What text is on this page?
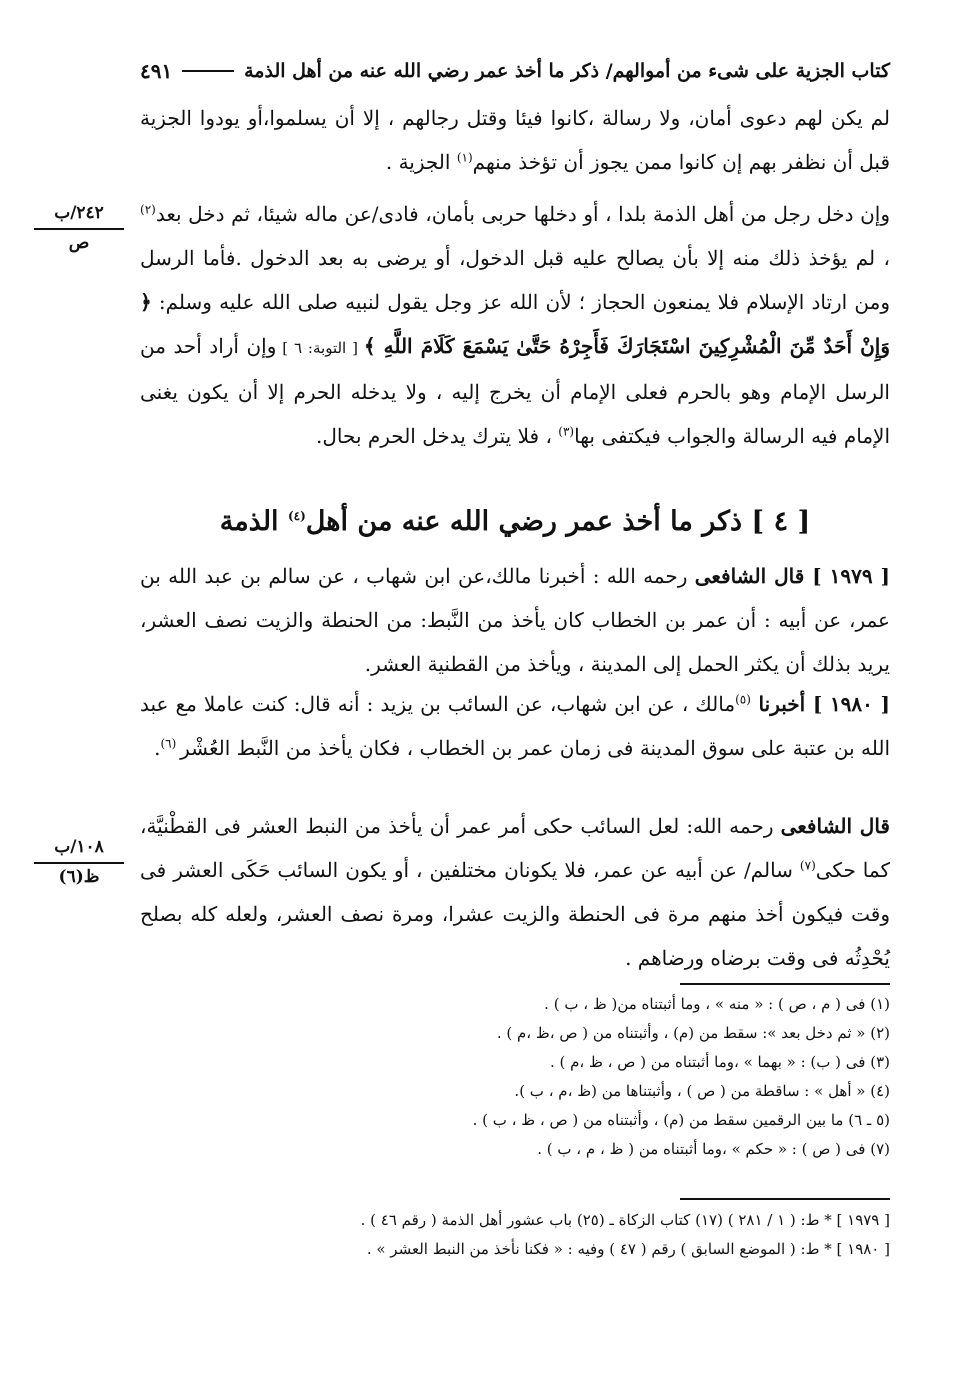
كتاب الجزية على شىء من أموالهم/ ذكر ما أخذ عمر رضي الله عنه من أهل الذمة
٤٩١
لم يكن لهم دعوى أمان، ولا رسالة ،كانوا فيئا وقتل رجالهم ، إلا أن يسلموا،أو يودوا الجزية قبل أن نظفر بهم إن كانوا ممن يجوز أن تؤخذ منهم$^{(١)}$ الجزية .
٢٤٢/ب
ص
وإن دخل رجل من أهل الذمة بلدا ، أو دخلها حربى بأمان، فادى/عن ماله شيئا، ثم دخل بعد$^{(٢)}$ ، لم يؤخذ ذلك منه إلا بأن يصالح عليه قبل الدخول، أو يرضى به بعد الدخول .فأما الرسل ومن ارتاد الإسلام فلا يمنعون الحجاز ؛ لأن الله عز وجل يقول لنبيه صلى الله عليه وسلم: ﴿ وَإِنْ أَحَدٌ مِّنَ الْمُشْرِكِينَ اسْتَجَارَكَ فَأَجِرْهُ حَتَّىٰ يَسْمَعَ كَلَامَ اللَّهِ ﴾ [ التوبة: ٦ ] وإن أراد أحد من الرسل الإمام وهو بالحرم فعلى الإمام أن يخرج إليه ، ولا يدخله الحرم إلا أن يكون يغنى الإمام فيه الرسالة والجواب فيكتفى بها$^{(٣)}$ ، فلا يترك يدخل الحرم بحال.
[ ٤ ] ذكر ما أخذ عمر رضي الله عنه من أهل$^{(٤)}$ الذمة
[ ١٩٧٩ ] قال الشافعى رحمه الله : أخبرنا مالك،عن ابن شهاب ، عن سالم بن عبد الله بن عمر، عن أبيه : أن عمر بن الخطاب كان يأخذ من النَّبط: من الحنطة والزيت نصف العشر، يريد بذلك أن يكثر الحمل إلى المدينة ، ويأخذ من القطنية العشر.
[ ١٩٨٠ ] أخبرنا $^{(٥)}$مالك ، عن ابن شهاب، عن السائب بن يزيد : أنه قال: كنت عاملا مع عبد الله بن عتبة على سوق المدينة فى زمان عمر بن الخطاب ، فكان يأخذ من النَّبط العُشْر $^{(٦)}$.
١٠٨/ب
ظ(٦)
قال الشافعى رحمه الله: لعل السائب حكى أمر عمر أن يأخذ من النبط العشر فى القطْنيَّة، كما حكى$^{(٧)}$ سالم/ عن أبيه عن عمر، فلا يكونان مختلفين ، أو يكون السائب حَكَى العشر فى وقت فيكون أخذ منهم مرة فى الحنطة والزيت عشرا، ومرة نصف العشر، ولعله كله بصلح يُحْدِثُه فى وقت برضاه ورضاهم .
(١) فى ( م ، ص ) : « منه » ، وما أثبتناه من( ظ ، ب ) .
(٢) « ثم دخل بعد »: سقط من (م) ، وأثبتناه من ( ص ،ظ ،م ) .
(٣) فى ( ب) : « بهما » ،وما أثبتناه من ( ص ، ظ ،م ) .
(٤) « أهل » : ساقطة من ( ص ) ، وأثبتناها من (ظ ،م ، ب ).
(٥ ـ ٦) ما بين الرقمين سقط من (م) ، وأثبتناه من ( ص ، ظ ، ب ) .
(٧) فى ( ص ) : « حكم » ،وما أثبتناه من ( ظ ، م ، ب ) .
[ ١٩٧٩ ] * ط: ( ١ / ٢٨١ ) (١٧) كتاب الزكاة ـ (٢٥) باب عشور أهل الذمة ( رقم ٤٦ ) .
[ ١٩٨٠ ] * ط: ( الموضع السابق ) رقم ( ٤٧ ) وفيه : « فكنا نأخذ من النبط العشر » .
